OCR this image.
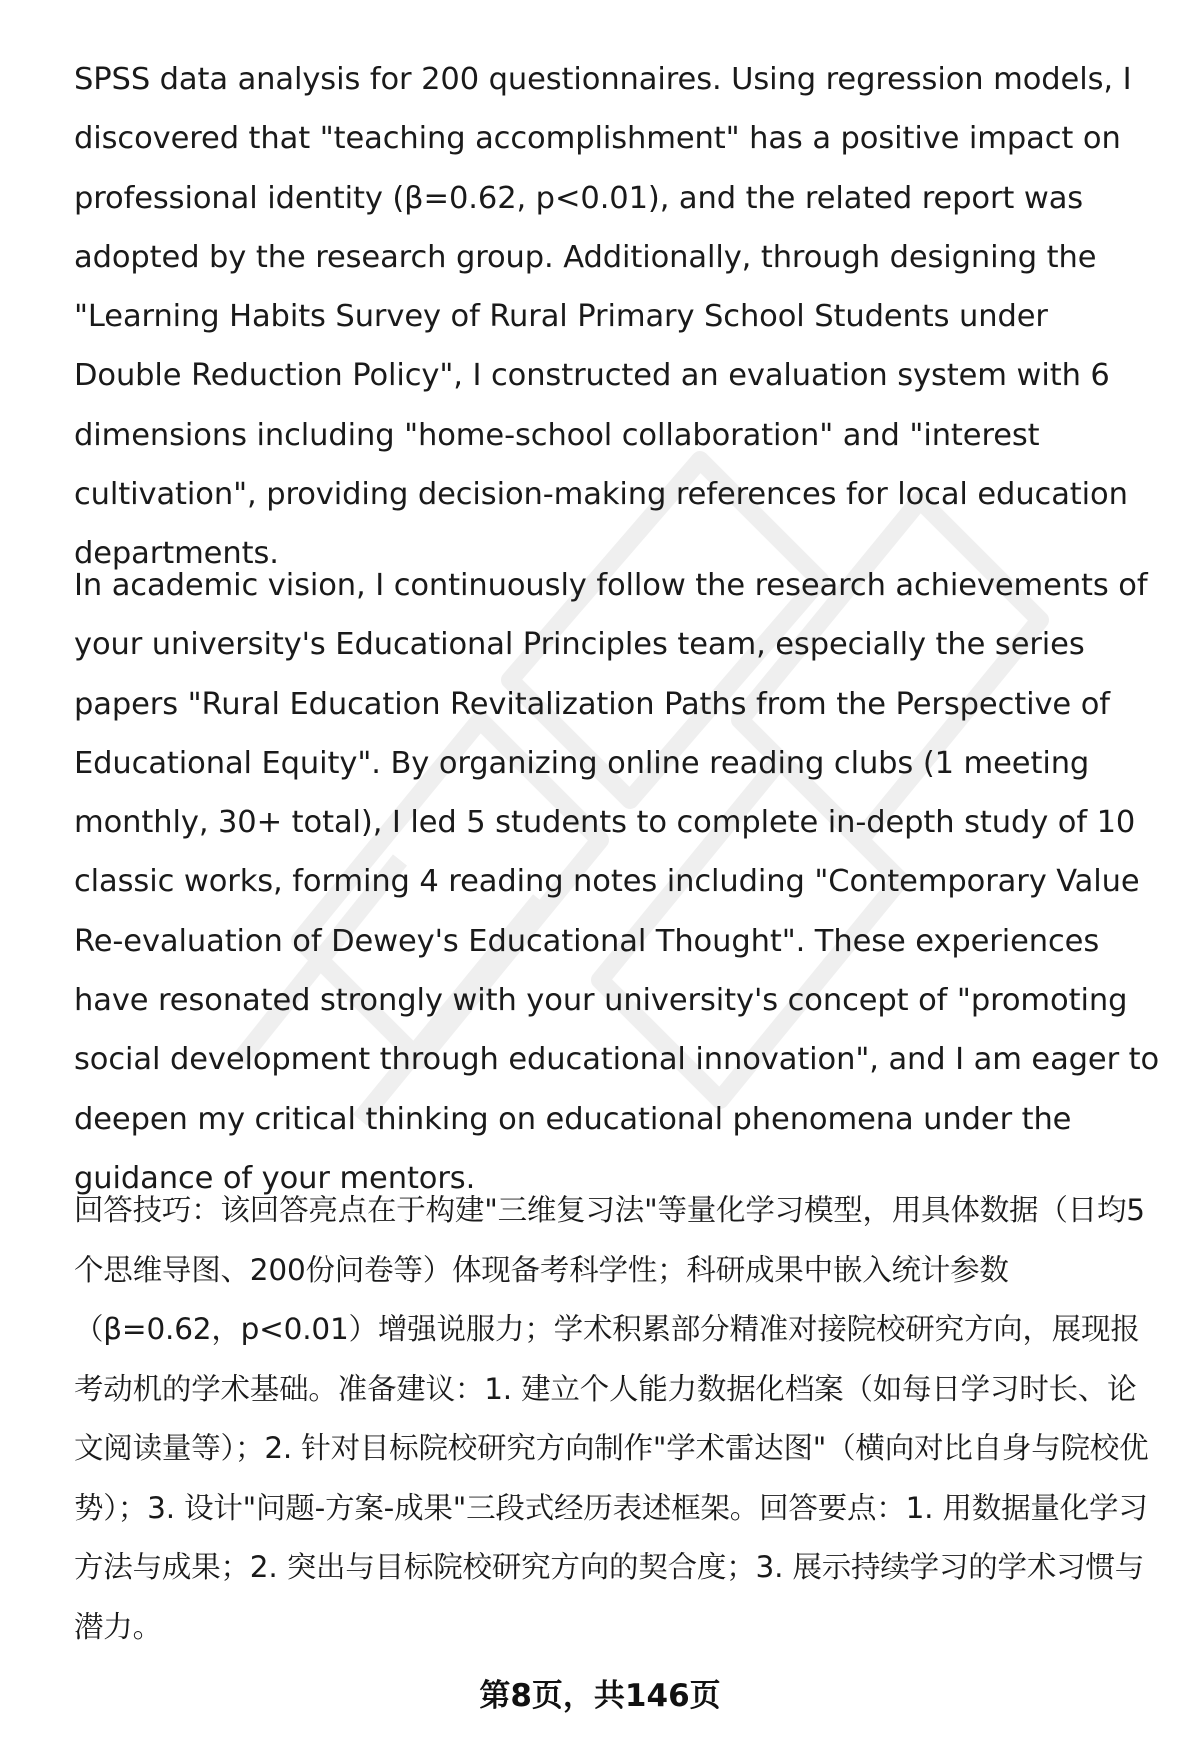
SPSS data analysis for 200 questionnaires. Using regression models, I discovered that "teaching accomplishment" has a positive impact on professional identity (β=0.62, p<0.01), and the related report was adopted by the research group. Additionally, through designing the "Learning Habits Survey of Rural Primary School Students under Double Reduction Policy", I constructed an evaluation system with 6 dimensions including "home-school collaboration" and "interest cultivation", providing decision-making references for local education departments.

In academic vision, I continuously follow the research achievements of your university's Educational Principles team, especially the series papers "Rural Education Revitalization Paths from the Perspective of Educational Equity". By organizing online reading clubs (1 meeting monthly, 30+ total), I led 5 students to complete in-depth study of 10 classic works, forming 4 reading notes including "Contemporary Value Re-evaluation of Dewey's Educational Thought". These experiences have resonated strongly with your university's concept of "promoting social development through educational innovation", and I am eager to deepen my critical thinking on educational phenomena under the guidance of your mentors.

回答技巧：该回答亮点在于构建"三维复习法"等量化学习模型，用具体数据（日均5个思维导图、200份问卷等）体现备考科学性；科研成果中嵌入统计参数（β=0.62，p<0.01）增强说服力；学术积累部分精准对接院校研究方向，展现报考动机的学术基础。准备建议：1. 建立个人能力数据化档案（如每日学习时长、论文阅读量等）；2. 针对目标院校研究方向制作"学术雷达图"（横向对比自身与院校优势）；3. 设计"问题-方案-成果"三段式经历表述框架。回答要点：1. 用数据量化学习方法与成果；2. 突出与目标院校研究方向的契合度；3. 展示持续学习的学术习惯与潜力。

第8页，共146页
